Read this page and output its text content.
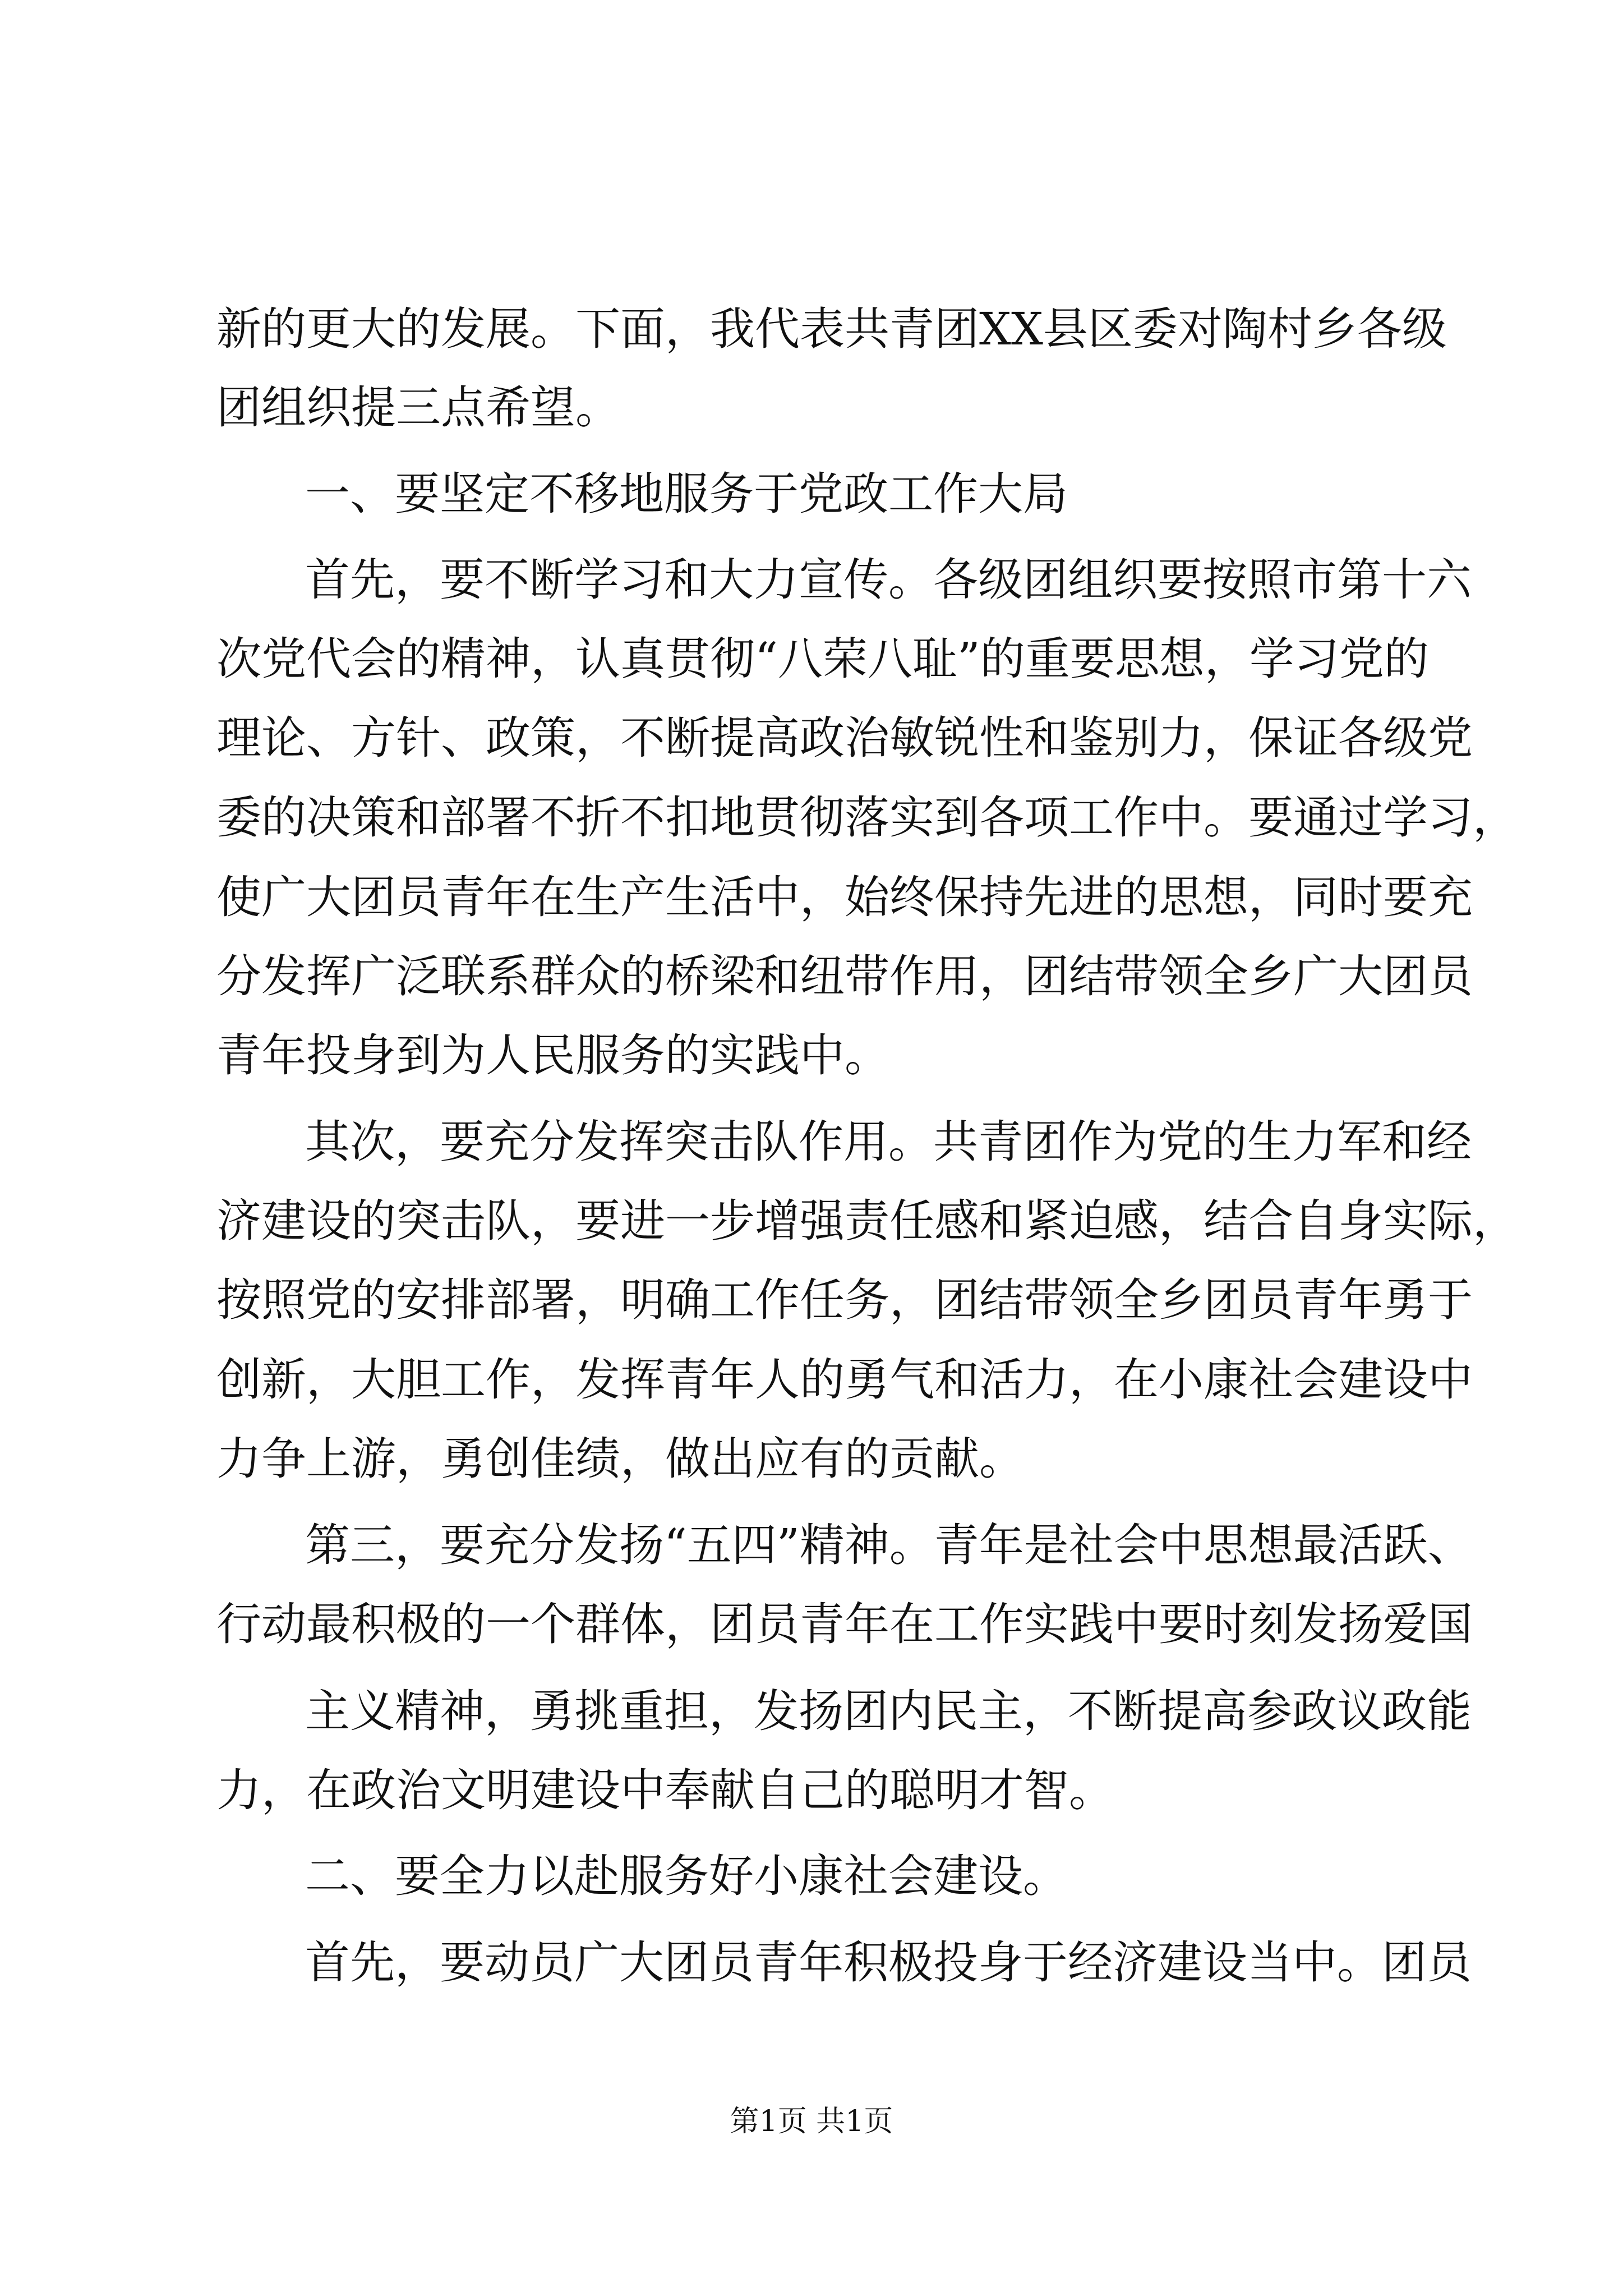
新的更大的发展。下面，我代表共青团XX县区委对陶村乡各级
团组织提三点希望。
一、要坚定不移地服务于党政工作大局
首先，要不断学习和大力宣传。各级团组织要按照市第十六
次党代会的精神，认真贯彻“八荣八耻”的重要思想，学习党的
理论、方针、政策，不断提高政治敏锐性和鉴别力，保证各级党
委的决策和部署不折不扣地贯彻落实到各项工作中。要通过学习，
使广大团员青年在生产生活中，始终保持先进的思想，同时要充
分发挥广泛联系群众的桥梁和纽带作用，团结带领全乡广大团员
青年投身到为人民服务的实践中。
其次，要充分发挥突击队作用。共青团作为党的生力军和经
济建设的突击队，要进一步增强责任感和紧迫感，结合自身实际，
按照党的安排部署，明确工作任务，团结带领全乡团员青年勇于
创新，大胆工作，发挥青年人的勇气和活力，在小康社会建设中
力争上游，勇创佳绩，做出应有的贡献。
第三，要充分发扬“五四”精神。青年是社会中思想最活跃、
行动最积极的一个群体，团员青年在工作实践中要时刻发扬爱国
主义精神，勇挑重担，发扬团内民主，不断提高参政议政能
力，在政治文明建设中奉献自己的聪明才智。
二、要全力以赴服务好小康社会建设。
首先，要动员广大团员青年积极投身于经济建设当中。团员
第1页 共1页
